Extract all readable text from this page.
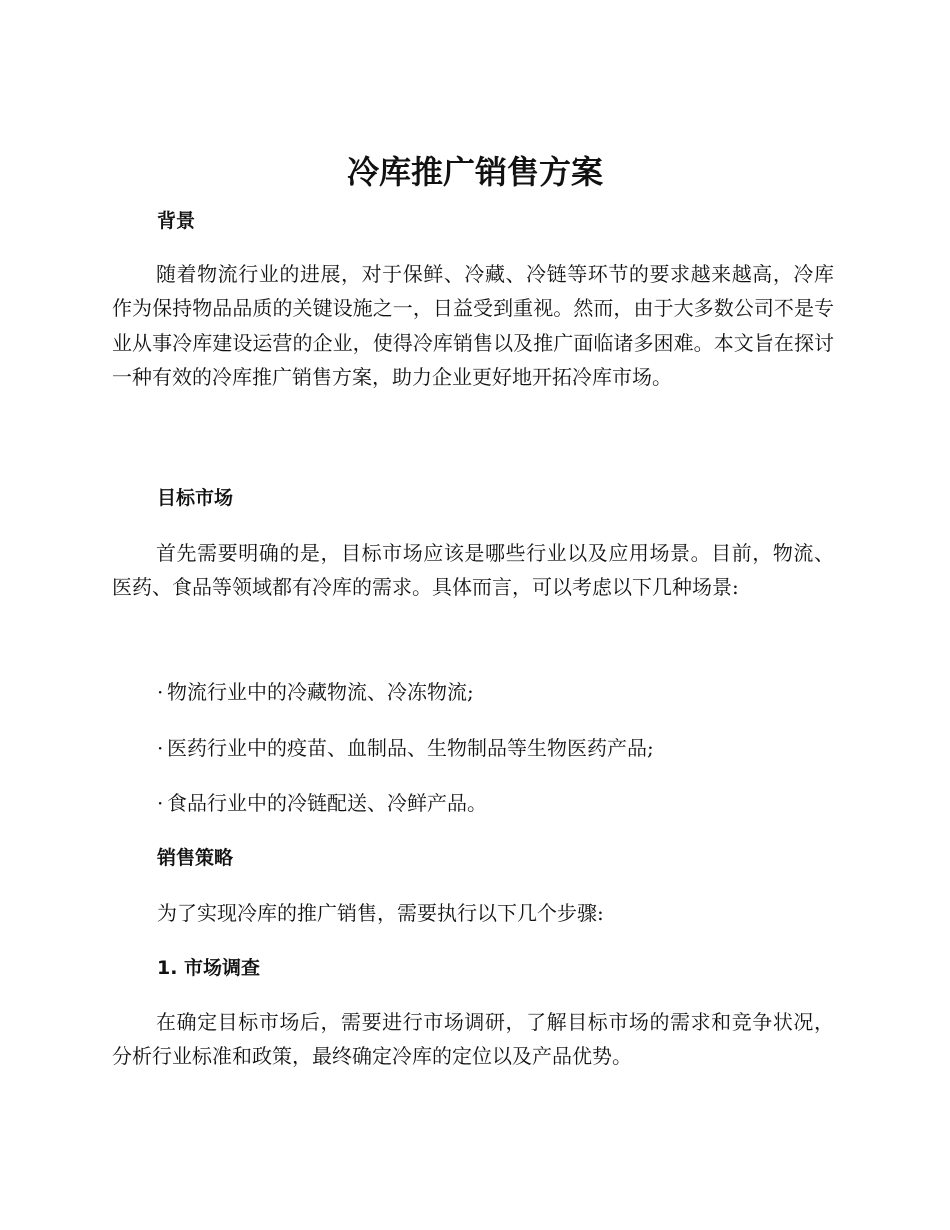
冷库推广销售方案
背景

随着物流行业的进展，对于保鲜、冷藏、冷链等环节的要求越来越高，冷库作为保持物品品质的关键设施之一，日益受到重视。然而，由于大多数公司不是专业从事冷库建设运营的企业，使得冷库销售以及推广面临诸多困难。本文旨在探讨一种有效的冷库推广销售方案，助力企业更好地开拓冷库市场。

目标市场

首先需要明确的是，目标市场应该是哪些行业以及应用场景。目前，物流、医药、食品等领域都有冷库的需求。具体而言，可以考虑以下几种场景:

· 物流行业中的冷藏物流、冷冻物流;

· 医药行业中的疫苗、血制品、生物制品等生物医药产品;

· 食品行业中的冷链配送、冷鲜产品。

销售策略

为了实现冷库的推广销售，需要执行以下几个步骤:

1. 市场调查

在确定目标市场后，需要进行市场调研，了解目标市场的需求和竞争状况，分析行业标准和政策，最终确定冷库的定位以及产品优势。
